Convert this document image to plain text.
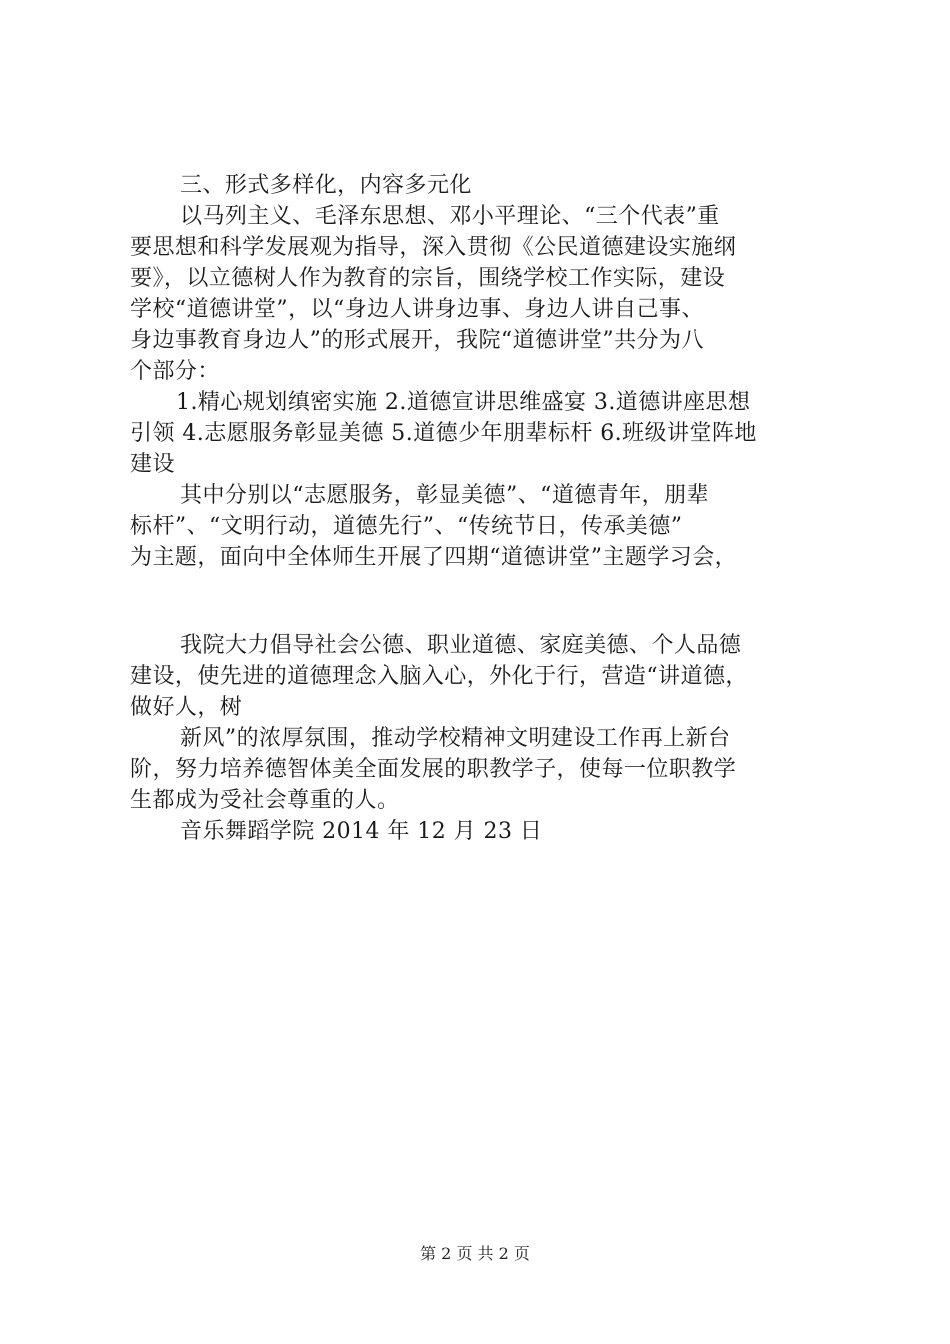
三、形式多样化，内容多元化
以马列主义、毛泽东思想、邓小平理论、“三个代表”重
要思想和科学发展观为指导，深入贯彻《公民道德建设实施纲
要》，以立德树人作为教育的宗旨，围绕学校工作实际，建设
学校“道德讲堂”，以“身边人讲身边事、身边人讲自己事、
身边事教育身边人”的形式展开，我院“道德讲堂”共分为八
个部分：
1.精心规划缜密实施 2.道德宣讲思维盛宴 3.道德讲座思想
引领 4.志愿服务彰显美德 5.道德少年朋辈标杆 6.班级讲堂阵地
建设
其中分别以“志愿服务，彰显美德”、“道德青年，朋辈
标杆”、“文明行动，道德先行”、“传统节日，传承美德”
为主题，面向中全体师生开展了四期“道德讲堂”主题学习会，
我院大力倡导社会公德、职业道德、家庭美德、个人品德
建设，使先进的道德理念入脑入心，外化于行，营造“讲道德，
做好人，树
新风”的浓厚氛围，推动学校精神文明建设工作再上新台
阶，努力培养德智体美全面发展的职教学子，使每一位职教学
生都成为受社会尊重的人。
音乐舞蹈学院 2014 年 12 月 23 日
第 2 页 共 2 页
